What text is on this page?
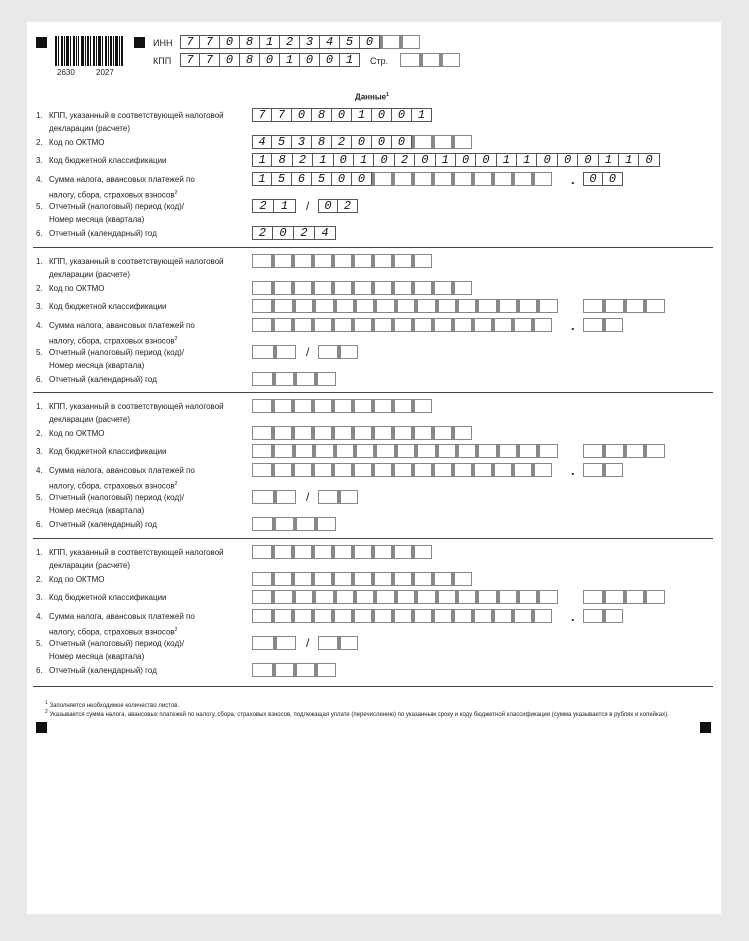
2630	2027
ИНН	7	7	0	8	1	2	3	4	5	0
КПП	7	7	0	8	0	1	0	0	1	Стр.
Данные$^1$
1. КПП, указанный в соответствующей налоговой
декларации (расчете)
7	7	0	8	0	1	0	0	1
2. Код по ОКТМО	4	5	3	8	2	0	0	0
3. Код бюджетной классификации	1	8	2	1	0	1	0	2	0	1	0	0	1	1	0	0	0	1	1	0
4. Сумма налога, авансовых платежей по
налогу, сбора, страховых взносов$^2$
1	5	6	5	0	0	.	0	0
5. Отчетный (налоговый) период (код)/
Номер месяца (квартала)
2	1	/	0	2
6. Отчетный (календарный) год	2	0	2	4
1. КПП, указанный в соответствующей налоговой
декларации (расчете)
2. Код по ОКТМО
3. Код бюджетной классификации
4. Сумма налога, авансовых платежей по
налогу, сбора, страховых взносов$^2$
.
5. Отчетный (налоговый) период (код)/
Номер месяца (квартала)
/
6. Отчетный (календарный) год
1. КПП, указанный в соответствующей налоговой
декларации (расчете)
2. Код по ОКТМО
3. Код бюджетной классификации
4. Сумма налога, авансовых платежей по
налогу, сбора, страховых взносов$^2$
.
5. Отчетный (налоговый) период (код)/
Номер месяца (квартала)
/
6. Отчетный (календарный) год
1. КПП, указанный в соответствующей налоговой
декларации (расчете)
2. Код по ОКТМО
3. Код бюджетной классификации
4. Сумма налога, авансовых платежей по
налогу, сбора, страховых взносов$^2$
.
5. Отчетный (налоговый) период (код)/
Номер месяца (квартала)
/
6. Отчетный (календарный) год
$^1$ Заполняется необходимое количество листов.
$^2$ Указывается сумма налога, авансовых платежей по налогу, сбора, страховых взносов, подлежащая уплате (перечислению) по указанным сроку и коду бюджетной классификации (сумма указывается в рублях и копейках).
